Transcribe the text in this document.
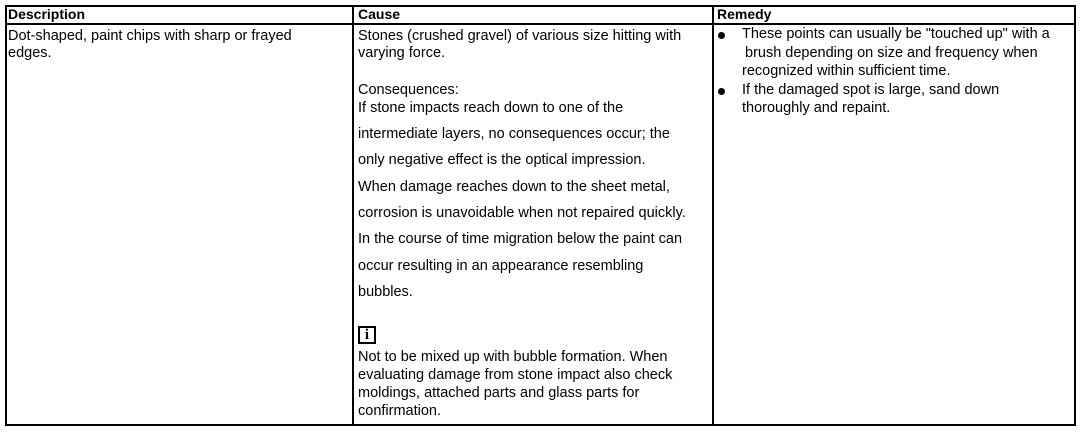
Description	Cause	Remedy
Dot-shaped, paint chips with sharp or frayed
edges.
Stones (crushed gravel) of various size hitting with
varying force.
Consequences:
If stone impacts reach down to one of the
intermediate layers, no consequences occur; the
only negative effect is the optical impression.
When damage reaches down to the sheet metal,
corrosion is unavoidable when not repaired quickly.
In the course of time migration below the paint can
occur resulting in an appearance resembling
bubbles.
i
Not to be mixed up with bubble formation. When
evaluating damage from stone impact also check
moldings, attached parts and glass parts for
confirmation.
These points can usually be "touched up" with a
brush depending on size and frequency when
recognized within sufficient time.
If the damaged spot is large, sand down
thoroughly and repaint.
